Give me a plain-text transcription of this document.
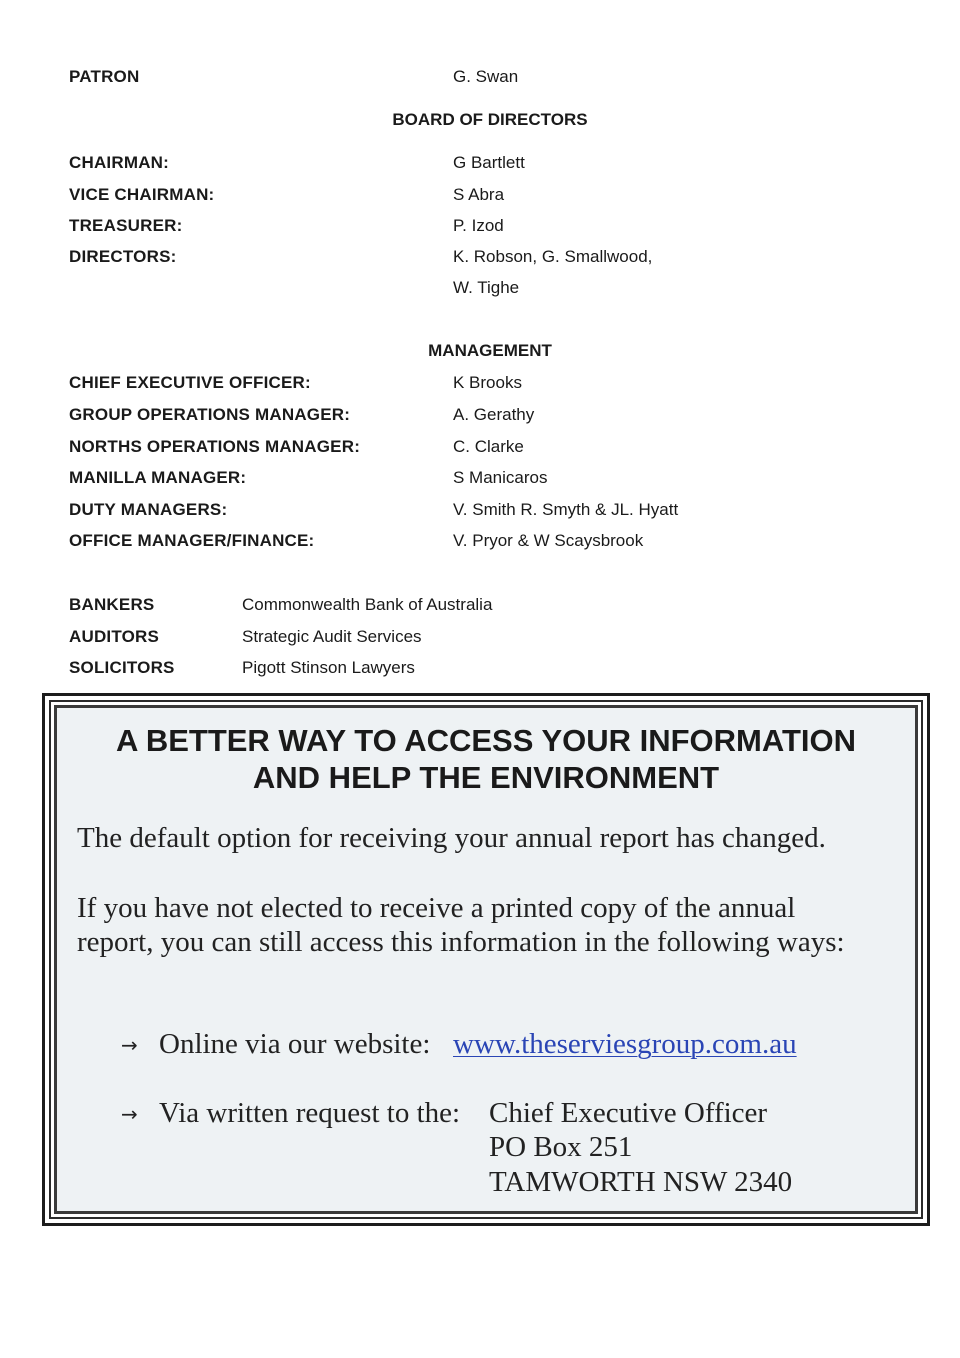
PATRON	G. Swan
BOARD OF DIRECTORS
CHAIRMAN:	G Bartlett
VICE CHAIRMAN:	S Abra
TREASURER:	P. Izod
DIRECTORS:	K. Robson, G. Smallwood,
W. Tighe
MANAGEMENT
CHIEF EXECUTIVE OFFICER:	K Brooks
GROUP OPERATIONS MANAGER:	A. Gerathy
NORTHS OPERATIONS MANAGER:	C. Clarke
MANILLA MANAGER:	S Manicaros
DUTY MANAGERS:	V. Smith R. Smyth & JL. Hyatt
OFFICE MANAGER/FINANCE:	V. Pryor & W Scaysbrook
BANKERS	Commonwealth Bank of Australia
AUDITORS	Strategic Audit Services
SOLICITORS	Pigott Stinson Lawyers
A BETTER WAY TO ACCESS YOUR INFORMATION
AND HELP THE ENVIRONMENT
The default option for receiving your annual report has changed.
If you have not elected to receive a printed copy of the annual
report, you can still access this information in the following ways:
→ Online via our website: www.theserviesgroup.com.au
→ Via written request to the: Chief Executive Officer
PO Box 251
TAMWORTH NSW 2340
